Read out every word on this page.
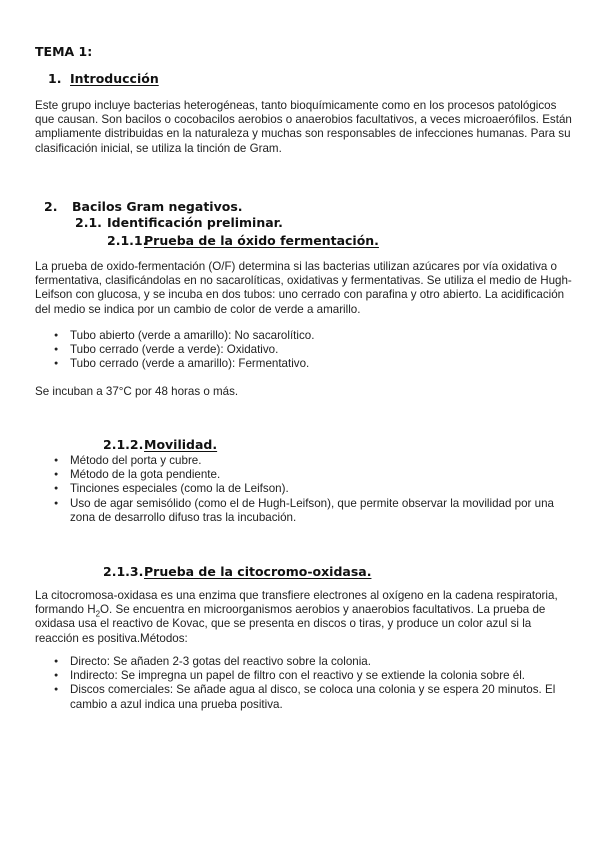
TEMA 1:
1. Introducción

Este grupo incluye bacterias heterogéneas, tanto bioquímicamente como en los procesos patológicos que causan. Son bacilos o cocobacilos aerobios o anaerobios facultativos, a veces microaerófilos. Están ampliamente distribuidas en la naturaleza y muchas son responsables de infecciones humanas. Para su clasificación inicial, se utiliza la tinción de Gram.

2. Bacilos Gram negativos.
2.1. Identificación preliminar.
2.1.1.Prueba de la óxido fermentación.

La prueba de oxido-fermentación (O/F) determina si las bacterias utilizan azúcares por vía oxidativa o fermentativa, clasificándolas en no sacarolíticas, oxidativas y fermentativas. Se utiliza el medio de Hugh-Leifson con glucosa, y se incuba en dos tubos: uno cerrado con parafina y otro abierto. La acidificación del medio se indica por un cambio de color de verde a amarillo.

● Tubo abierto (verde a amarillo): No sacarolítico.
● Tubo cerrado (verde a verde): Oxidativo.
● Tubo cerrado (verde a amarillo): Fermentativo.

Se incuban a 37°C por 48 horas o más.

2.1.2.Movilidad.
● Método del porta y cubre.
● Método de la gota pendiente.
● Tinciones especiales (como la de Leifson).
● Uso de agar semisólido (como el de Hugh-Leifson), que permite observar la movilidad por una zona de desarrollo difuso tras la incubación.
2.1.3.Prueba de la citocromo-oxidasa.

La citocromosa-oxidasa es una enzima que transfiere electrones al oxígeno en la cadena respiratoria, formando $H_2O$. Se encuentra en microorganismos aerobios y anaerobios facultativos. La prueba de oxidasa usa el reactivo de Kovac, que se presenta en discos o tiras, y produce un color azul si la reacción es positiva.Métodos:

● Directo: Se añaden 2-3 gotas del reactivo sobre la colonia.
● Indirecto: Se impregna un papel de filtro con el reactivo y se extiende la colonia sobre él.
● Discos comerciales: Se añade agua al disco, se coloca una colonia y se espera 20 minutos. El cambio a azul indica una prueba positiva.
